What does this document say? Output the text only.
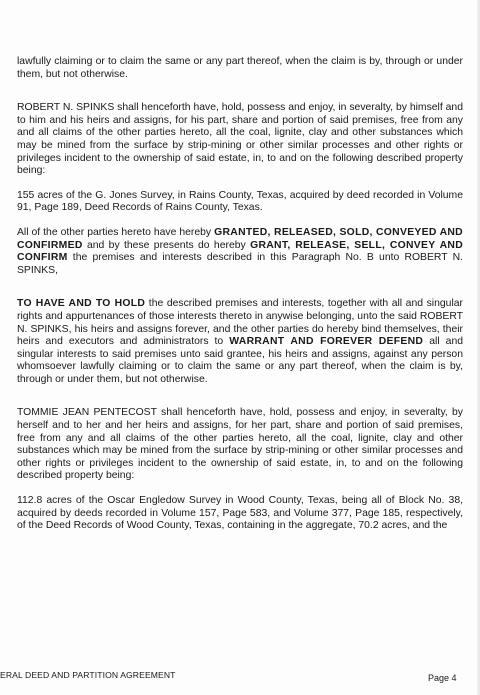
lawfully claiming or to claim the same or any part thereof, when the claim is by, through or under them, but not otherwise.

ROBERT N. SPINKS shall henceforth have, hold, possess and enjoy, in severalty, by himself and to him and his heirs and assigns, for his part, share and portion of said premises, free from any and all claims of the other parties hereto, all the coal, lignite, clay and other substances which may be mined from the surface by strip-mining or other similar processes and other rights or privileges incident to the ownership of said estate, in, to and on the following described property being:

155 acres of the G. Jones Survey, in Rains County, Texas, acquired by deed recorded in Volume 91, Page 189, Deed Records of Rains County, Texas.

All of the other parties hereto have hereby GRANTED, RELEASED, SOLD, CONVEYED AND CONFIRMED and by these presents do hereby GRANT, RELEASE, SELL, CONVEY AND CONFIRM the premises and interests described in this Paragraph No. B unto ROBERT N. SPINKS,

TO HAVE AND TO HOLD the described premises and interests, together with all and singular rights and appurtenances of those interests thereto in anywise belonging, unto the said ROBERT N. SPINKS, his heirs and assigns forever, and the other parties do hereby bind themselves, their heirs and executors and administrators to WARRANT AND FOREVER DEFEND all and singular interests to said premises unto said grantee, his heirs and assigns, against any person whomsoever lawfully claiming or to claim the same or any part thereof, when the claim is by, through or under them, but not otherwise.

TOMMIE JEAN PENTECOST shall henceforth have, hold, possess and enjoy, in severalty, by herself and to her and her heirs and assigns, for her part, share and portion of said premises, free from any and all claims of the other parties hereto, all the coal, lignite, clay and other substances which may be mined from the surface by strip-mining or other similar processes and other rights or privileges incident to the ownership of said estate, in, to and on the following described property being:

112.8 acres of the Oscar Engledow Survey in Wood County, Texas, being all of Block No. 38, acquired by deeds recorded in Volume 157, Page 583, and Volume 377, Page 185, respectively, of the Deed Records of Wood County, Texas, containing in the aggregate, 70.2 acres, and the

ERAL DEED AND PARTITION AGREEMENT	Page 4
